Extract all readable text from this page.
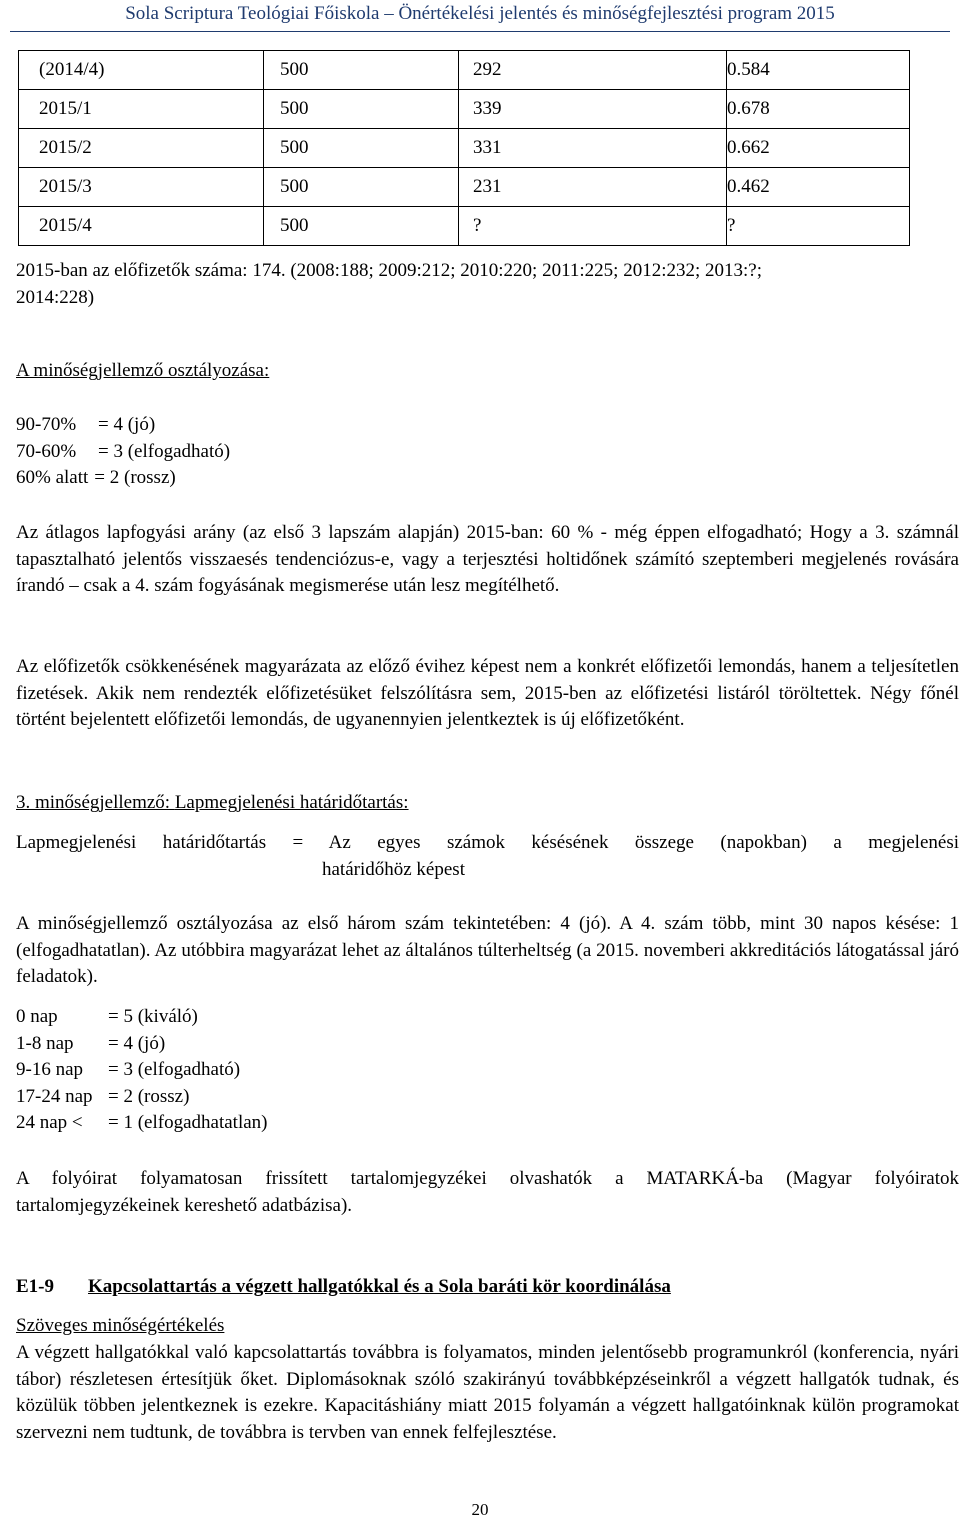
Sola Scriptura Teológiai Főiskola – Önértékelési jelentés és minőségfejlesztési program 2015
(2014/4)	500	292	0.584
2015/1	500	339	0.678
2015/2	500	331	0.662
2015/3	500	231	0.462
2015/4	500	?	?
2015-ban az előfizetők száma: 174. (2008:188; 2009:212; 2010:220; 2011:225; 2012:232; 2013:?;
2014:228)
A minőségjellemző osztályozása:
90-70%	= 4 (jó)
70-60%	= 3 (elfogadható)
60% alatt = 2 (rossz)
Az átlagos lapfogyási arány (az első 3 lapszám alapján) 2015-ban: 60 % - még éppen elfogadható; Hogy a 3. számnál tapasztalható jelentős visszaesés tendenciózus-e, vagy a terjesztési holtidőnek számító szeptemberi megjelenés rovására írandó – csak a 4. szám fogyásának megismerése után lesz megítélhető.
Az előfizetők csökkenésének magyarázata az előző évihez képest nem a konkrét előfizetői lemondás, hanem a teljesítetlen fizetések. Akik nem rendezték előfizetésüket felszólításra sem, 2015-ben az előfizetési listáról töröltettek. Négy főnél történt bejelentett előfizetői lemondás, de ugyanennyien jelentkeztek is új előfizetőként.
3. minőségjellemző: Lapmegjelenési határidőtartás:
Lapmegjelenési határidőtartás = Az egyes számok késésének összege (napokban) a megjelenési
határidőhöz képest
A minőségjellemző osztályozása az első három szám tekintetében: 4 (jó). A 4. szám több, mint 30 napos késése: 1 (elfogadhatatlan). Az utóbbira magyarázat lehet az általános túlterheltség (a 2015. novemberi akkreditációs látogatással járó feladatok).
0 nap	= 5 (kiváló)
1-8 nap	= 4 (jó)
9-16 nap	= 3 (elfogadható)
17-24 nap = 2 (rossz)
24 nap <	= 1 (elfogadhatatlan)
A folyóirat folyamatosan frissített tartalomjegyzékei olvashatók a MATARKÁ-ba (Magyar folyóiratok tartalomjegyzékeinek kereshető adatbázisa).
E1-9 Kapcsolattartás a végzett hallgatókkal és a Sola baráti kör koordinálása
Szöveges minőségértékelés
A végzett hallgatókkal való kapcsolattartás továbbra is folyamatos, minden jelentősebb programunkról (konferencia, nyári tábor) részletesen értesítjük őket. Diplomásoknak szóló szakirányú továbbképzéseinkről a végzett hallgatók tudnak, és közülük többen jelentkeznek is ezekre. Kapacitáshiány miatt 2015 folyamán a végzett hallgatóinknak külön programokat szervezni nem tudtunk, de továbbra is tervben van ennek felfejlesztése.
20
